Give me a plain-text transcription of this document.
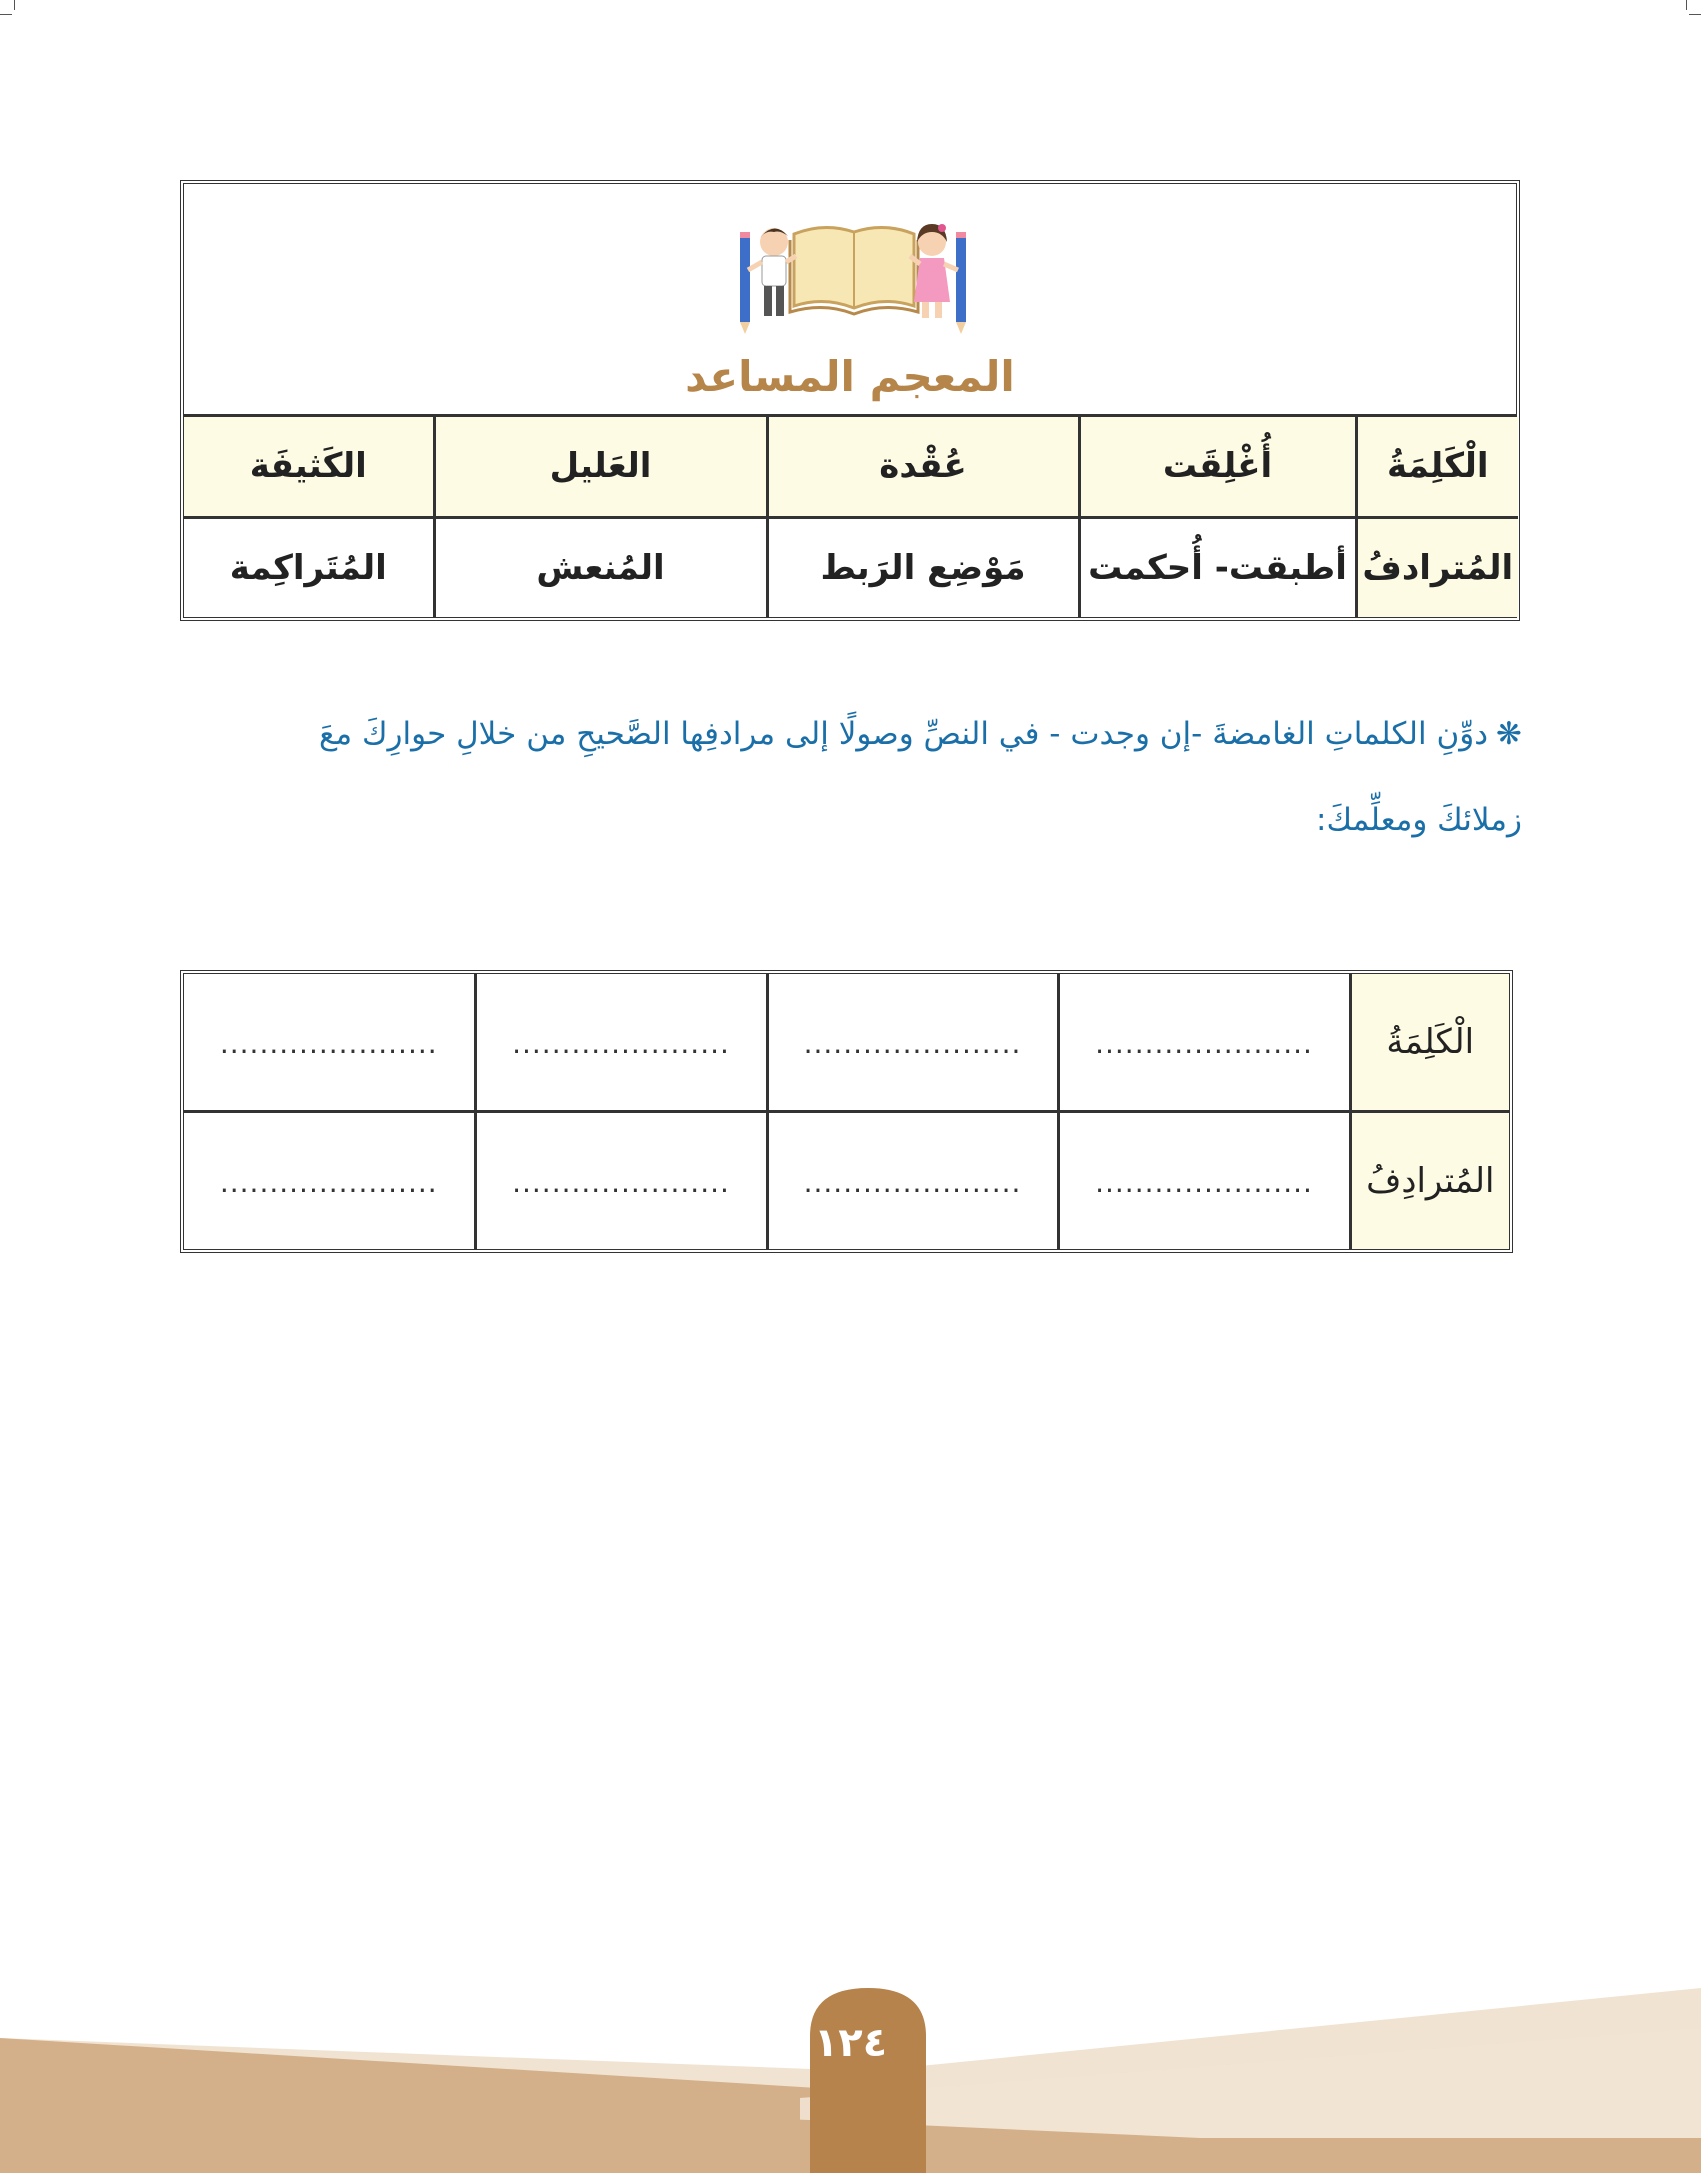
المعجم المساعد
الكَثيفَة	العَليل	عُقْدة	أُغْلِقَت	الْكَلِمَةُ
المُتَراكِمة	المُنعش	مَوْضِع الرَبط	أطبقت- أُحكمت	المُترادفُ
❋دوِّنِ الكلماتِ الغامضةَ -إن وجدت - في النصِّ وصولًا إلى مرادفِها الصَّحيحِ من خلالِ حوارِكَ معَ
زملائكَ ومعلِّمكَ:
......................	......................	......................	......................	الْكَلِمَةُ
......................	......................	......................	......................	المُترادِفُ
١٢٤
